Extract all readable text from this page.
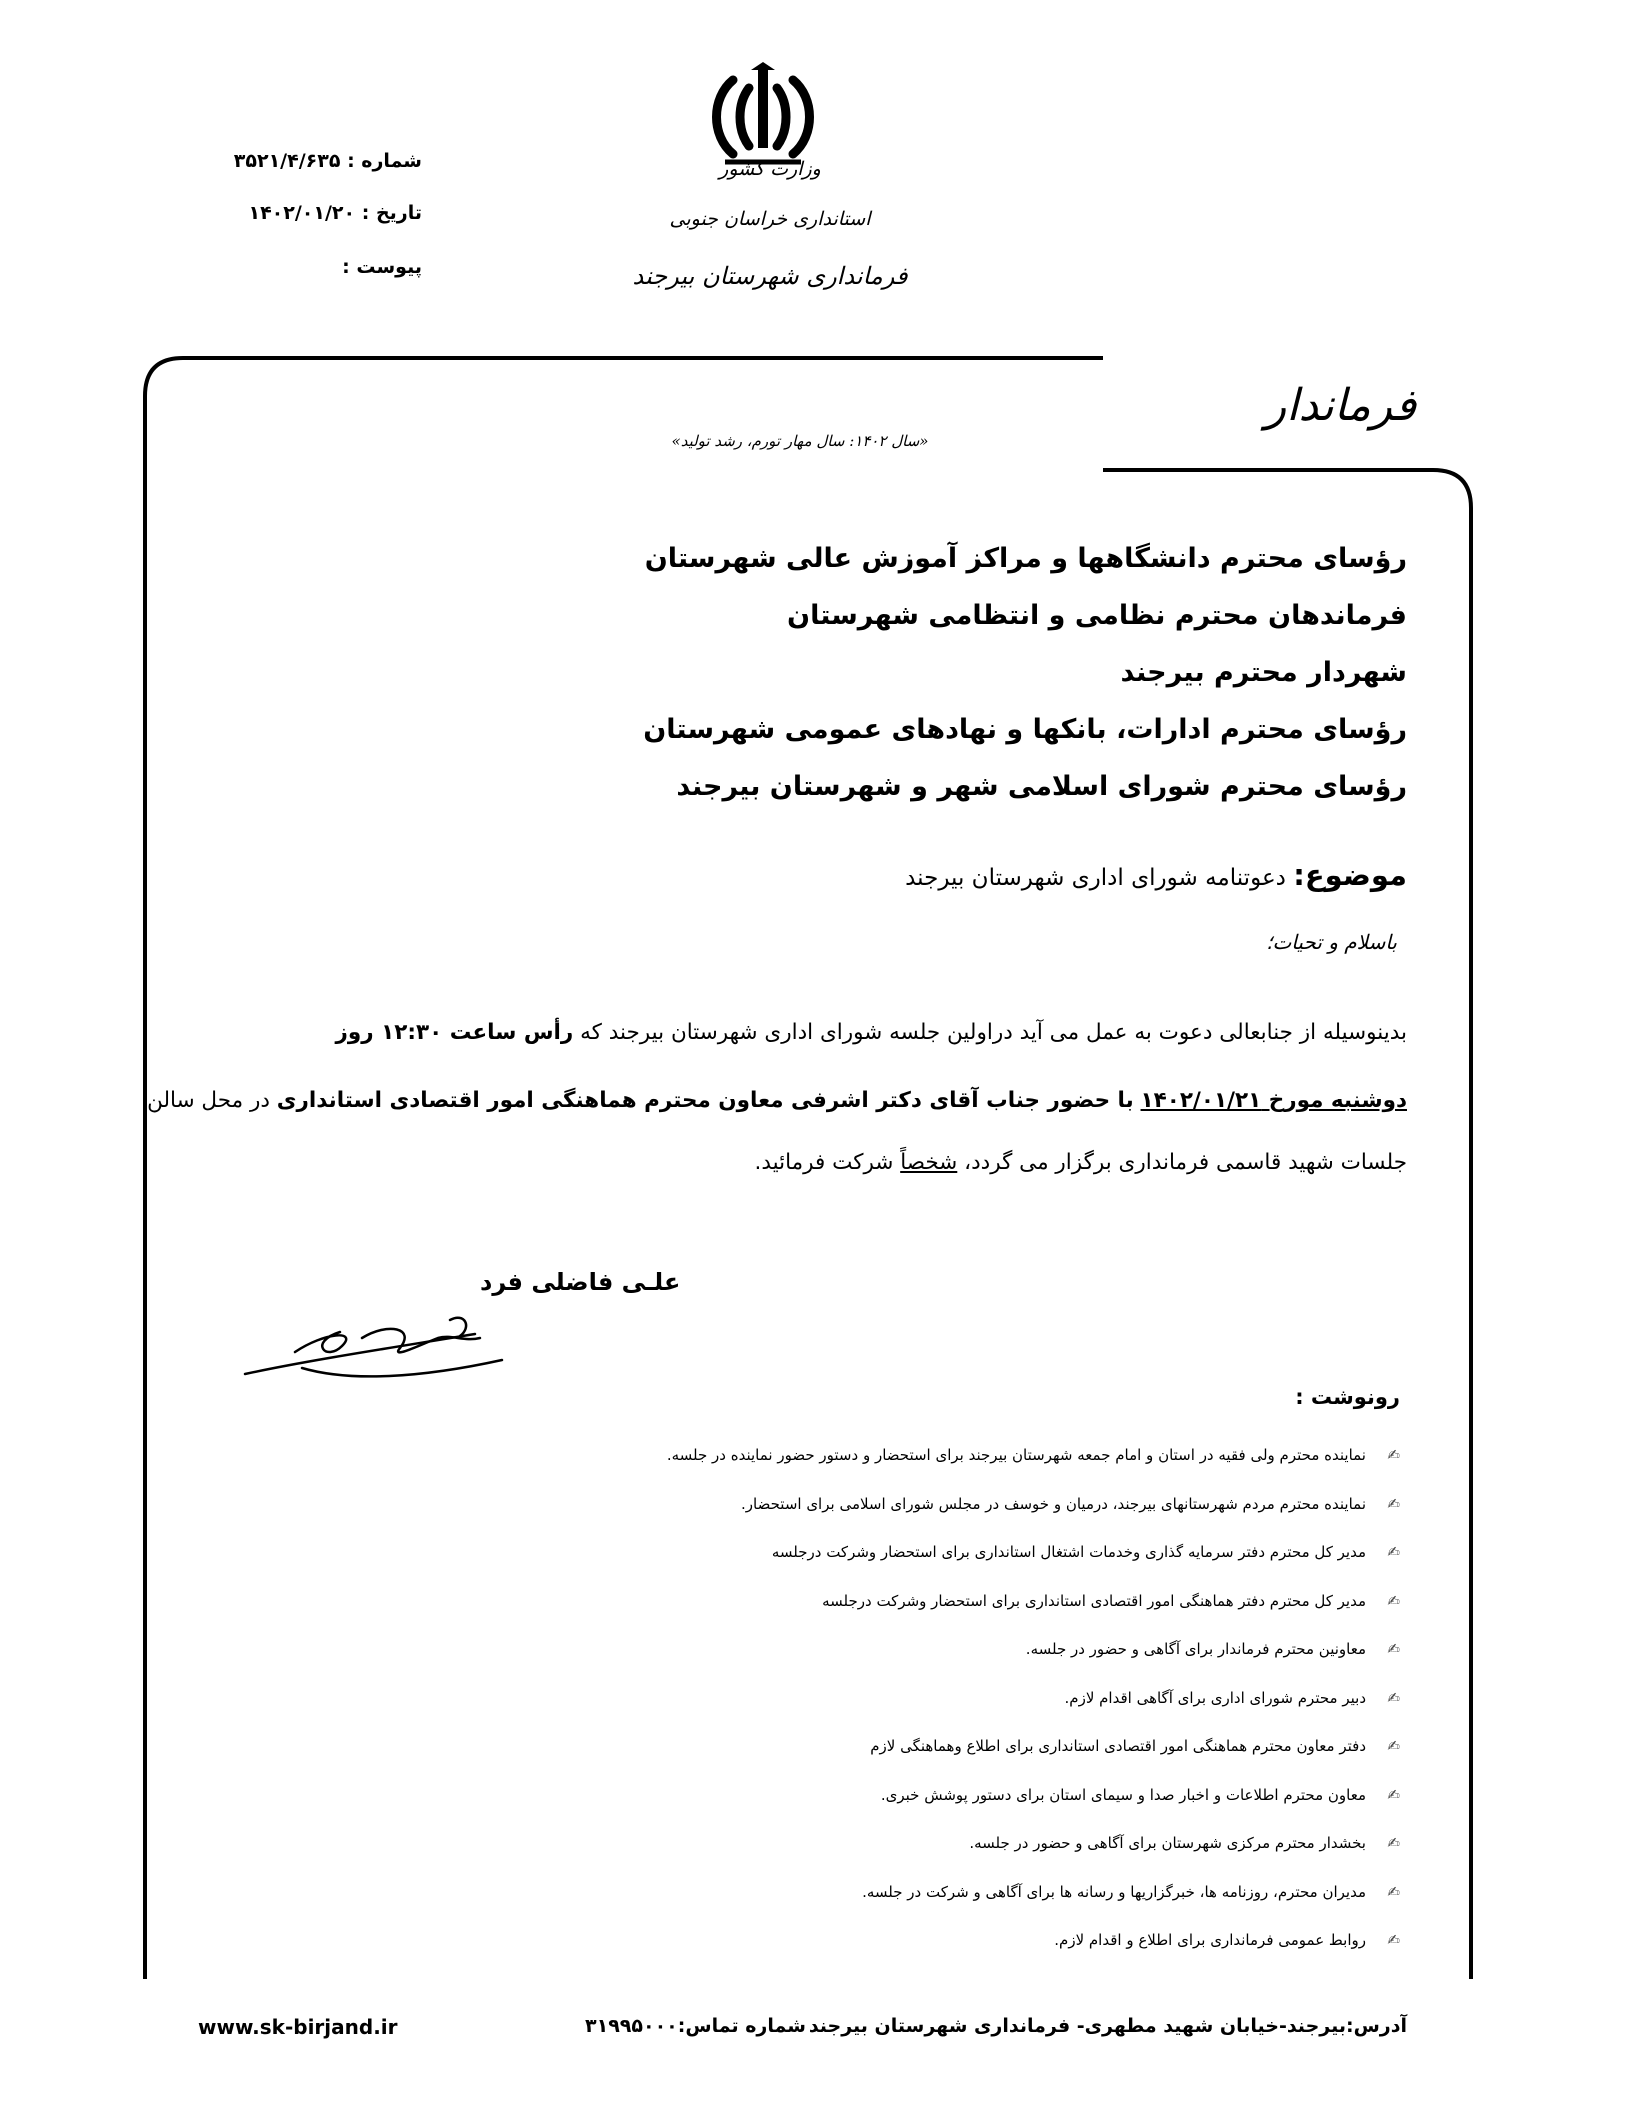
شماره : ۳۵۲۱/۴/۶۳۵
تاریخ : ۱۴۰۲/۰۱/۲۰
پیوست :
وزارت کشور
استانداری خراسان جنوبی
فرمانداری شهرستان بیرجند
فرماندار
«سال ۱۴۰۲: سال مهار تورم، رشد تولید»
رؤسای محترم دانشگاهها و مراکز آموزش عالی شهرستان
فرماندهان محترم نظامی و انتظامی شهرستان
شهردار محترم بیرجند
رؤسای محترم ادارات، بانکها و نهادهای عمومی شهرستان
رؤسای محترم شورای اسلامی شهر و شهرستان بیرجند
موضوع: دعوتنامه شورای اداری شهرستان بیرجند
باسلام و تحیات؛
بدینوسیله از جنابعالی دعوت به عمل می آید دراولین جلسه شورای اداری شهرستان بیرجند که رأس ساعت ۱۲:۳۰ روز
دوشنبه مورخ ۱۴۰۲/۰۱/۲۱ با حضور جناب آقای دکتر اشرفی معاون محترم هماهنگی امور اقتصادی استانداری در محل سالن
جلسات شهید قاسمی فرمانداری برگزار می گردد، شخصاً شرکت فرمائید.
علـی فاضلی فرد
رونوشت :
✍
نماینده محترم ولی فقیه در استان و امام جمعه شهرستان بیرجند برای استحضار و دستور حضور نماینده در جلسه.
✍
نماینده محترم مردم شهرستانهای بیرجند، درمیان و خوسف در مجلس شورای اسلامی برای استحضار.
✍
مدیر کل محترم دفتر سرمایه گذاری وخدمات اشتغال استانداری برای استحضار وشرکت درجلسه
✍
مدیر کل محترم دفتر هماهنگی امور اقتصادی استانداری برای استحضار وشرکت درجلسه
✍
معاونین محترم فرماندار برای آگاهی و حضور در جلسه.
✍
دبیر محترم شورای اداری برای آگاهی اقدام لازم.
✍
دفتر معاون محترم هماهنگی امور اقتصادی استانداری برای اطلاع وهماهنگی لازم
✍
معاون محترم اطلاعات و اخبار صدا و سیمای استان برای دستور پوشش خبری.
✍
بخشدار محترم مرکزی شهرستان برای آگاهی و حضور در جلسه.
✍
مدیران محترم، روزنامه ها، خبرگزاریها و رسانه ها برای آگاهی و شرکت در جلسه.
✍
روابط عمومی فرمانداری برای اطلاع و اقدام لازم.
آدرس:بیرجند-خیابان شهید مطهری- فرمانداری شهرستان بیرجند
شماره تماس:۳۱۹۹۵۰۰۰
www.sk-birjand.ir
